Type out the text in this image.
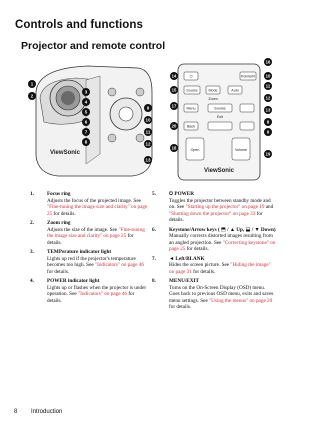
Controls and functions
Projector and remote control
ViewSonic
1
2
3
4
5
6
7
8
9
10
11
12
13
⏻	PointerR
Source	Mode	Auto
Zoom
Menu	Sourse
Exit
Back
Open	Volume
ViewSonic
16
14
15
17
10
11
12
13
8
9
18
19
20
1.	Focus ring
Adjusts the focus of the projected image. See "Fine-tuning the image size and clarity" on page 25 for details.
2.	Zoom ring
Adjusts the size of the image. See "Fine-tuning the image size and clarity" on page 25 for details.
3.	TEMPerature indicator light
Lights up red if the projector's temperature becomes too high. See "Indicators" on page 46 for details.
4.	POWER indicator light
Lights up or flashes when the projector is under operation. See "Indicators" on page 46 for details.
5.	⏻ POWER
Toggles the projector between standby mode and on. See "Starting up the projector" on page 19 and "Shutting down the projector" on page 33 for details.
6.	Keystone/Arrow keys ( ⬒ / ▲ Up, ⬓ / ▼ Down)
Manually corrects distorted images resulting from an angled projection. See "Correcting keystone" on page 25 for details.
7.	◄ Left/BLANK
Hides the screen picture. See "Hiding the image" on page 31 for details.
8.	MENU/EXIT
Turns on the On-Screen Display (OSD) menu. Goes back to previous OSD menu, exits and saves menu settings. See "Using the menus" on page 20 for details.
8 Introduction
